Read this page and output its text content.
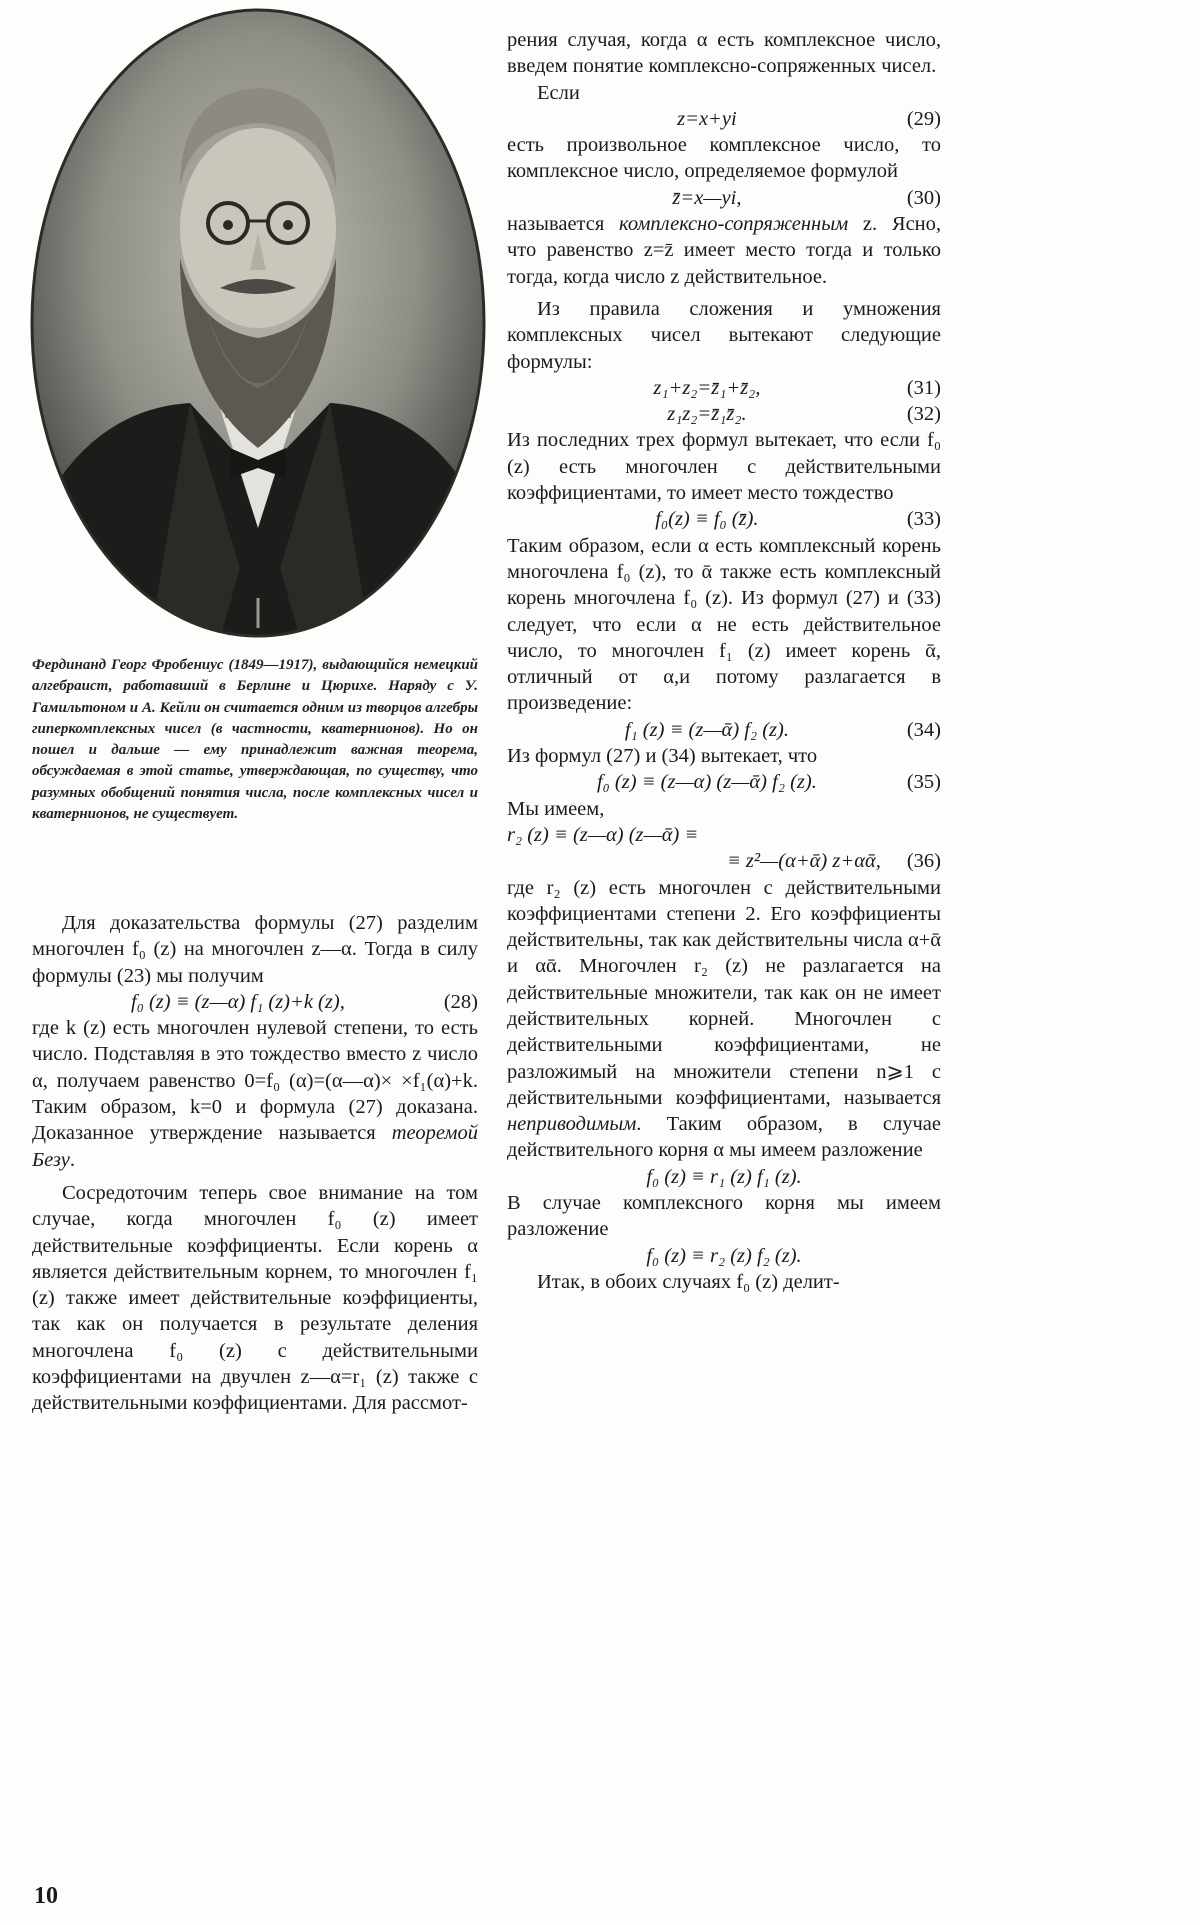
Фердинанд Георг Фробениус (1849—1917), выдающийся немецкий алгебраист, работавший в Берлине и Цюрихе. Наряду с У. Гамильтоном и А. Кейли он считается одним из творцов алгебры гиперкомплексных чисел (в частности, кватернионов). Но он пошел и дальше — ему принадлежит важная теорема, обсуждаемая в этой статье, утверждающая, по существу, что разумных обобщений понятия числа, после комплексных чисел и кватернионов, не существует.

Для доказательства формулы (27) разделим многочлен f₀ (z) на многочлен z—α. Тогда в силу формулы (23) мы получим

f₀ (z) ≡ (z—α) f₁ (z)+k (z),	(28)

где k (z) есть многочлен нулевой степени, то есть число. Подставляя в это тождество вместо z число α, получаем равенство 0=f₀ (α)=(α—α)× ×f₁(α)+k. Таким образом, k=0 и формула (27) доказана. Доказанное утверждение называется теоремой Безу.

Сосредоточим теперь свое внимание на том случае, когда многочлен f₀ (z) имеет действительные коэффициенты. Если корень α является действительным корнем, то многочлен f₁ (z) также имеет действительные коэффициенты, так как он получается в результате деления многочлена f₀ (z) с действительными коэффициентами на двучлен z—α=r₁ (z) также с действительными коэффициентами. Для рассмот-

рения случая, когда α есть комплексное число, введем понятие комплексно-сопряженных чисел.

Если

z=x+yi	(29)

есть произвольное комплексное число, то комплексное число, определяемое формулой

z̄=x—yi,	(30)

называется комплексно-сопряженным z. Ясно, что равенство z=z̄ имеет место тогда и только тогда, когда число z действительное.

Из правила сложения и умножения комплексных чисел вытекают следующие формулы:

z₁+z₂=z̄₁+z̄₂,	(31)
z₁z₂=z̄₁z̄₂.	(32)

Из последних трех формул вытекает, что если f₀ (z) есть многочлен с действительными коэффициентами, то имеет место тождество

f₀(z) ≡ f₀ (z̄).	(33)

Таким образом, если α есть комплексный корень многочлена f₀ (z), то ᾱ также есть комплексный корень многочлена f₀ (z). Из формул (27) и (33) следует, что если α не есть действительное число, то многочлен f₁ (z) имеет корень ᾱ, отличный от α,и потому разлагается в произведение:

f₁ (z) ≡ (z—ᾱ) f₂ (z).	(34)

Из формул (27) и (34) вытекает, что

f₀ (z) ≡ (z—α) (z—ᾱ) f₂ (z).	(35)

Мы имеем,

r₂ (z) ≡ (z—α) (z—ᾱ) ≡
≡ z²—(α+ᾱ) z+αᾱ,	(36)

где r₂ (z) есть многочлен с действительными коэффициентами степени 2. Его коэффициенты действительны, так как действительны числа α+ᾱ и αᾱ. Многочлен r₂ (z) не разлагается на действительные множители, так как он не имеет действительных корней. Многочлен с действительными коэффициентами, не разложимый на множители степени n⩾1 с действительными коэффициентами, называется неприводимым. Таким образом, в случае действительного корня α мы имеем разложение

f₀ (z) ≡ r₁ (z) f₁ (z).

В случае комплексного корня мы имеем разложение

f₀ (z) ≡ r₂ (z) f₂ (z).

Итак, в обоих случаях f₀ (z) делит-

10
